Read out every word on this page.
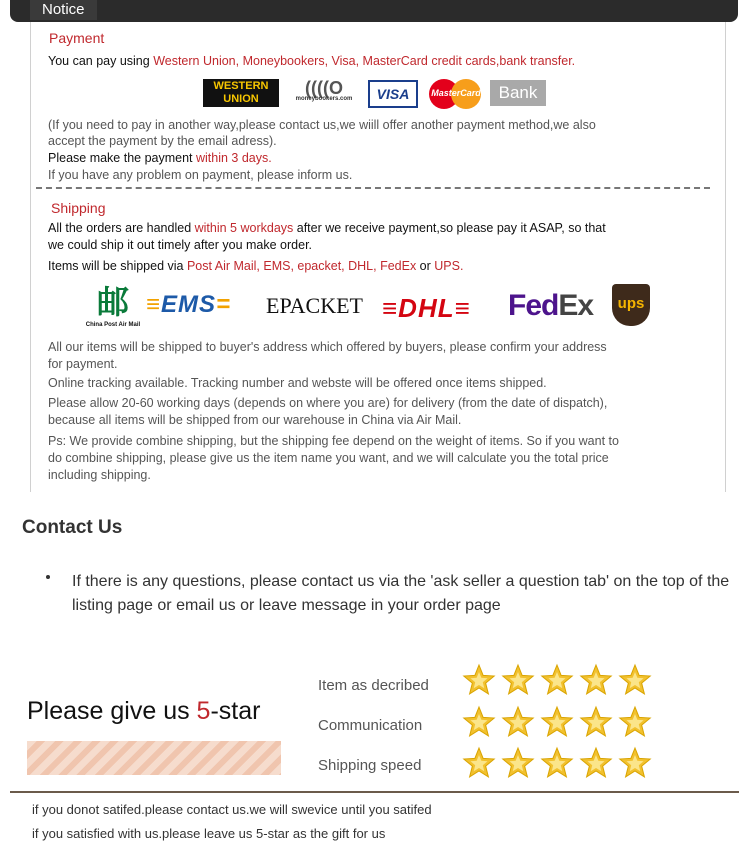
Notice
Payment
You can pay using Western Union, Moneybookers, Visa, MasterCard credit cards,bank transfer.
WESTERN
UNION
((((O
moneybookers.com	VISA	MasterCard	Bank
(If you need to pay in another way,please contact us,we wiill offer another payment method,we also
accept the payment by the email adress).
Please make the payment within 3 days.
If you have any problem on payment, please inform us.
Shipping
All the orders are handled within 5 workdays after we receive payment,so please pay it ASAP, so that
we could ship it out timely after you make order.
Items will be shipped via Post Air Mail, EMS, epacket, DHL, FedEx or UPS.
邮
China Post Air Mail
≡EMS=	EPACKET ≡DHL≡ FedEx	ups
All our items will be shipped to buyer's address which offered by buyers, please confirm your address
for payment.
Online tracking available. Tracking number and webste will be offered once items shipped.
Please allow 20-60 working days (depends on where you are) for delivery (from the date of dispatch),
because all items will be shipped from our warehouse in China via Air Mail.
Ps: We provide combine shipping, but the shipping fee depend on the weight of items. So if you want to
do combine shipping, please give us the item name you want, and we will calculate you the total price
including shipping.
Contact Us
If there is any questions, please contact us via the 'ask seller a question tab' on the top of the listing page or email us or leave message in your order page
Please give us 5-star
Item as decribed
Communication
Shipping speed
if you donot satifed.please contact us.we will swevice until you satifed
if you satisfied with us.please leave us 5-star as the gift for us
